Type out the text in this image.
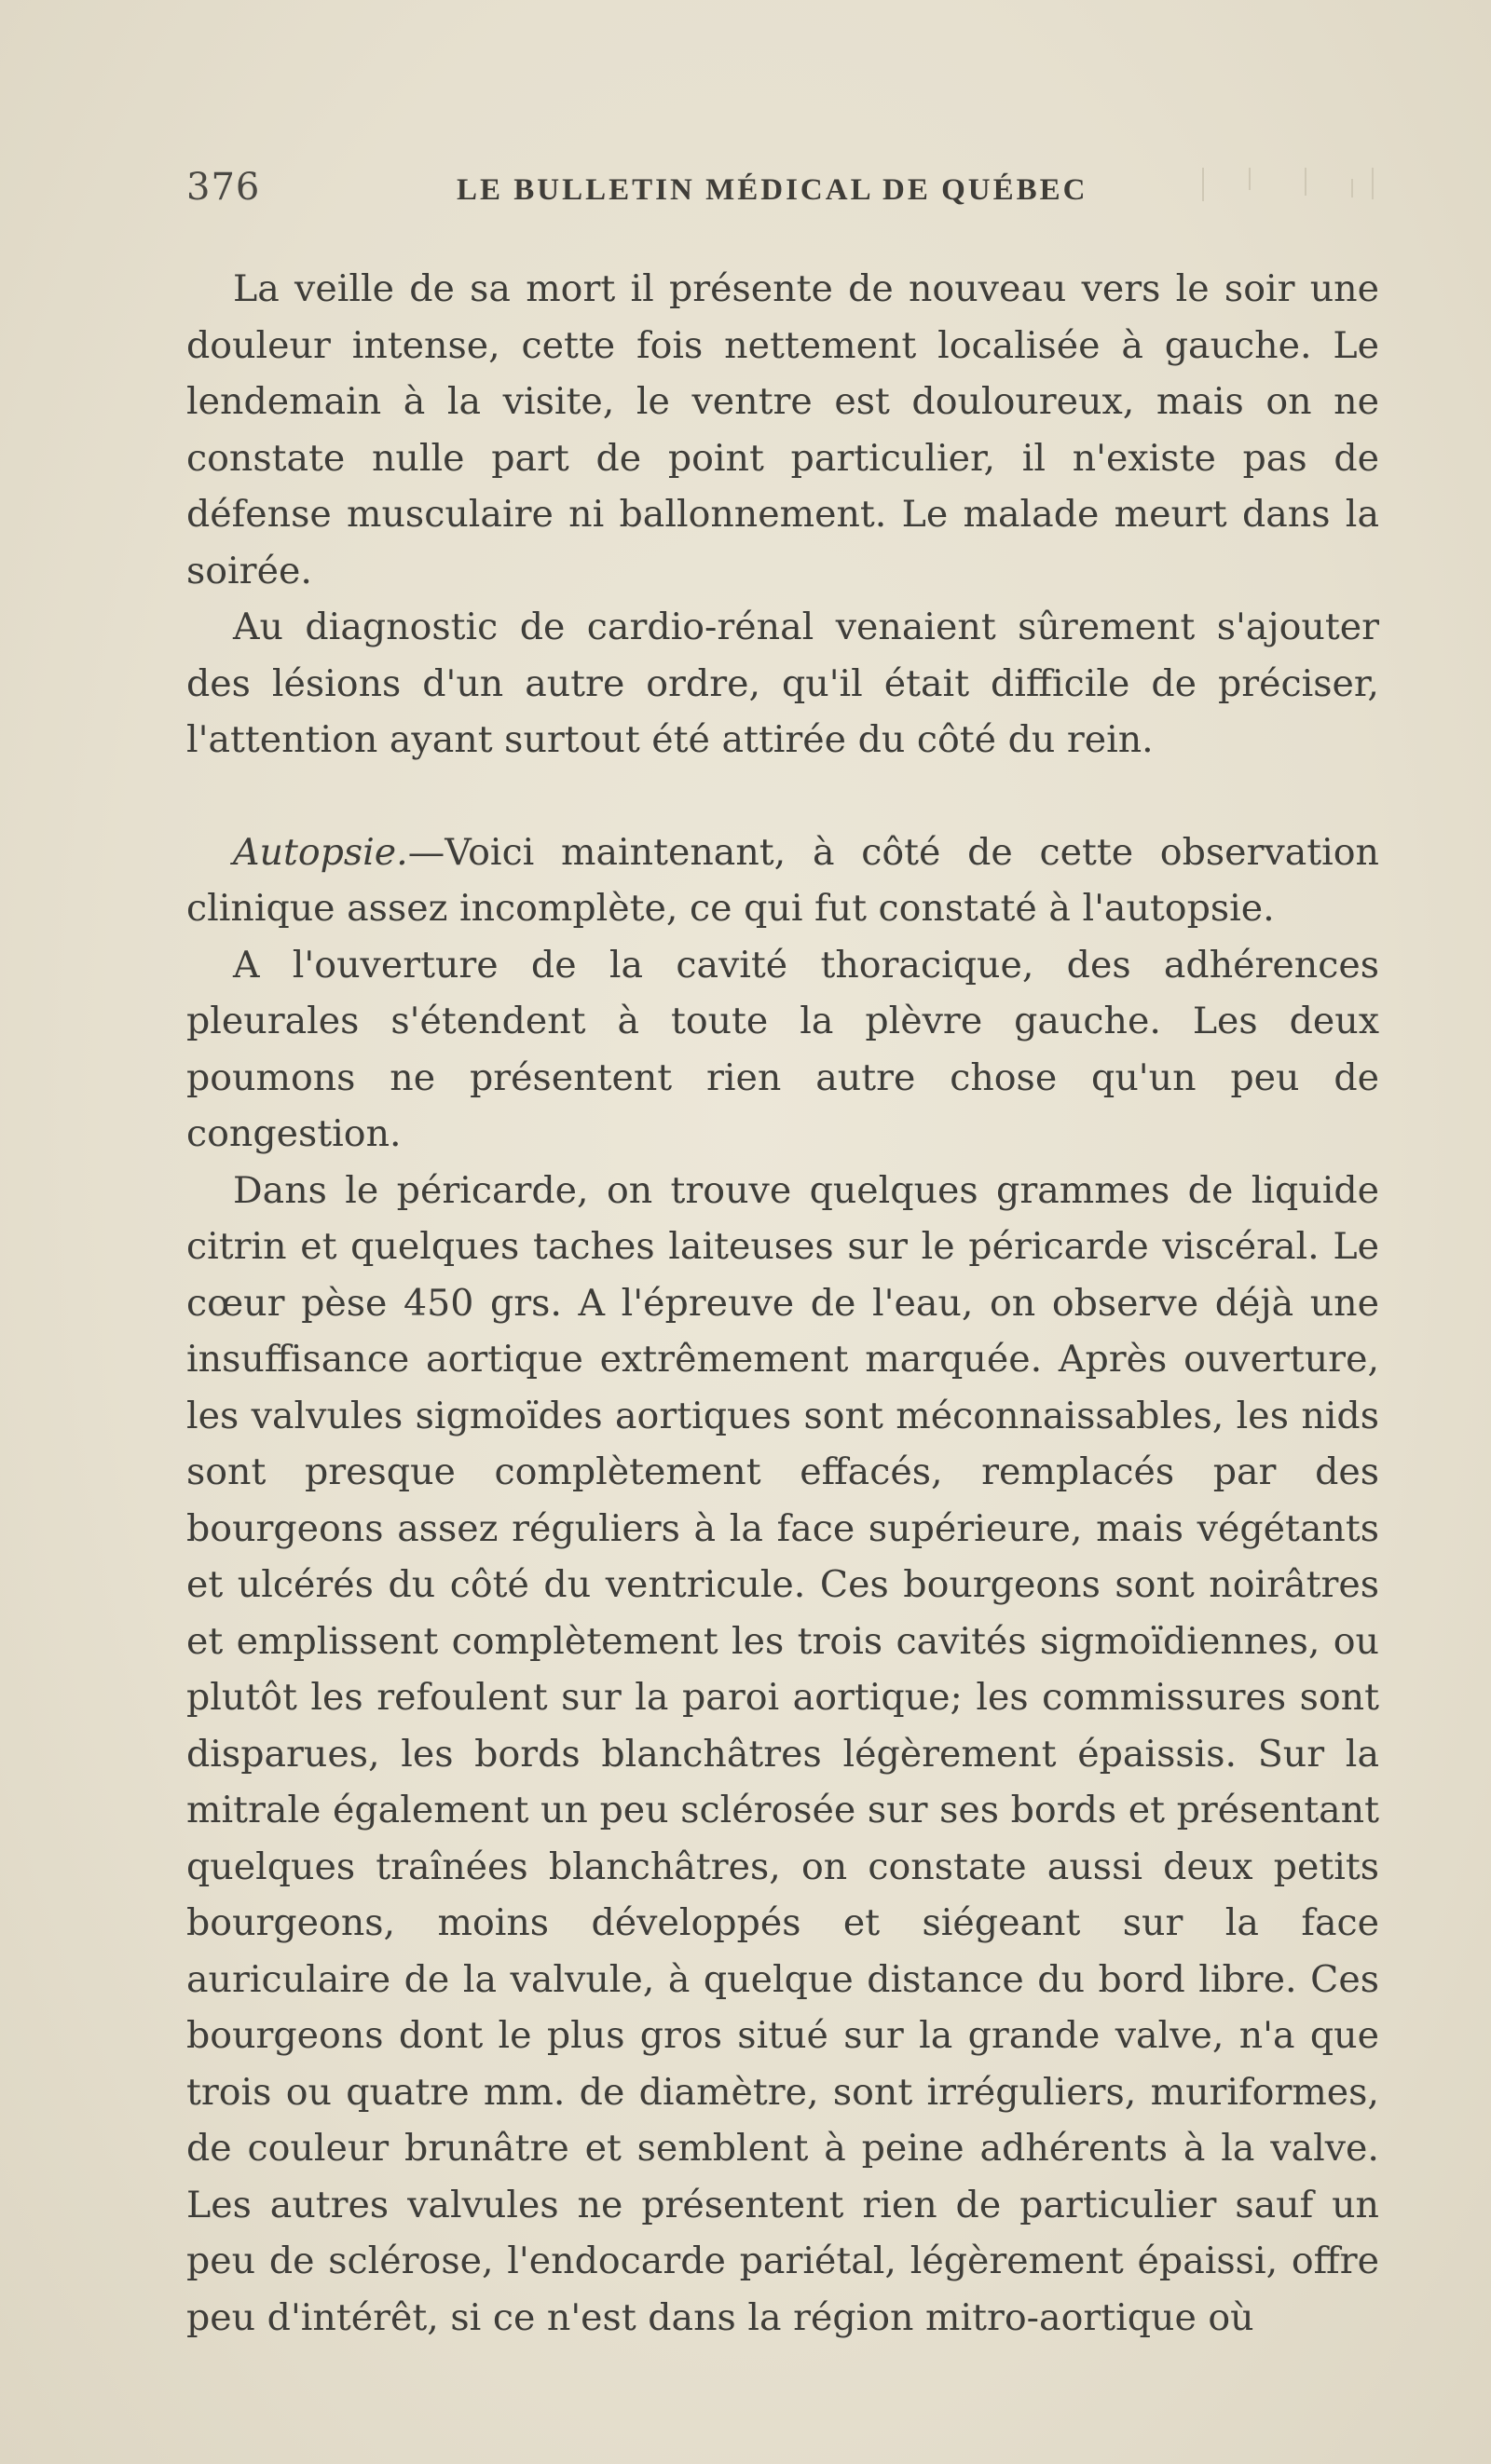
376	LE BULLETIN MÉDICAL DE QUÉBEC

La veille de sa mort il présente de nouveau vers le soir une douleur intense, cette fois nettement localisée à gauche. Le lendemain à la visite, le ventre est douloureux, mais on ne constate nulle part de point particulier, il n'existe pas de défense musculaire ni ballonnement. Le malade meurt dans la soirée.

Au diagnostic de cardio-rénal venaient sûrement s'ajouter des lésions d'un autre ordre, qu'il était difficile de préciser, l'attention ayant surtout été attirée du côté du rein.

Autopsie.—Voici maintenant, à côté de cette observation clinique assez incomplète, ce qui fut constaté à l'autopsie.

A l'ouverture de la cavité thoracique, des adhérences pleurales s'étendent à toute la plèvre gauche. Les deux poumons ne présentent rien autre chose qu'un peu de congestion.

Dans le péricarde, on trouve quelques grammes de liquide citrin et quelques taches laiteuses sur le péricarde viscéral. Le cœur pèse 450 grs. A l'épreuve de l'eau, on observe déjà une insuffisance aortique extrêmement marquée. Après ouverture, les valvules sigmoïdes aortiques sont méconnaissables, les nids sont presque complètement effacés, remplacés par des bourgeons assez réguliers à la face supérieure, mais végétants et ulcérés du côté du ventricule. Ces bourgeons sont noirâtres et emplissent complètement les trois cavités sigmoïdiennes, ou plutôt les refoulent sur la paroi aortique; les commissures sont disparues, les bords blanchâtres légèrement épaissis. Sur la mitrale également un peu sclérosée sur ses bords et présentant quelques traînées blanchâtres, on constate aussi deux petits bourgeons, moins développés et siégeant sur la face auriculaire de la valvule, à quelque distance du bord libre. Ces bourgeons dont le plus gros situé sur la grande valve, n'a que trois ou quatre mm. de diamètre, sont irréguliers, muriformes, de couleur brunâtre et semblent à peine adhérents à la valve. Les autres valvules ne présentent rien de particulier sauf un peu de sclérose, l'endocarde pariétal, légèrement épaissi, offre peu d'intérêt, si ce n'est dans la région mitro-aortique où
